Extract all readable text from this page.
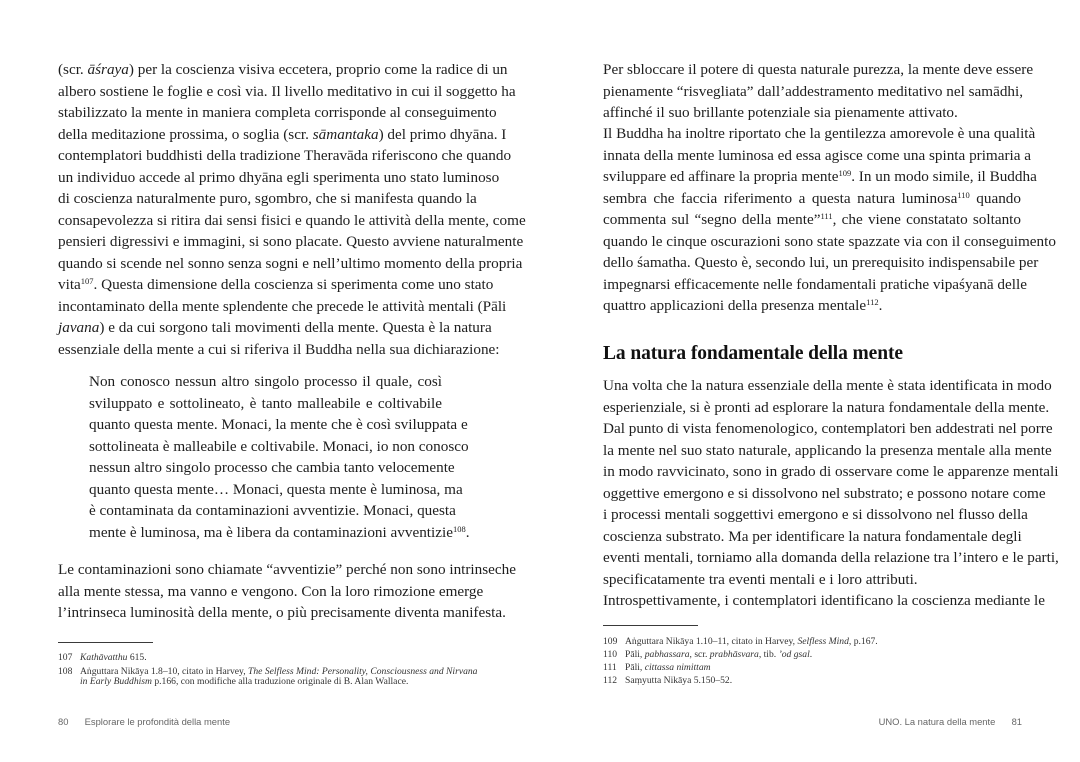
(scr. āśraya) per la coscienza visiva eccetera, proprio come la radice di un
albero sostiene le foglie e così via. Il livello meditativo in cui il soggetto ha
stabilizzato la mente in maniera completa corrisponde al conseguimento
della meditazione prossima, o soglia (scr. sāmantaka) del primo dhyāna. I
contemplatori buddhisti della tradizione Theravāda riferiscono che quando
un individuo accede al primo dhyāna egli sperimenta uno stato luminoso
di coscienza naturalmente puro, sgombro, che si manifesta quando la
consapevolezza si ritira dai sensi fisici e quando le attività della mente, come
pensieri digressivi e immagini, si sono placate. Questo avviene naturalmente
quando si scende nel sonno senza sogni e nell’ultimo momento della propria
vita$^{107}$. Questa dimensione della coscienza si sperimenta come uno stato
incontaminato della mente splendente che precede le attività mentali (Pāli
javana) e da cui sorgono tali movimenti della mente. Questa è la natura
essenziale della mente a cui si riferiva il Buddha nella sua dichiarazione:
Non conosco nessun altro singolo processo il quale, così
sviluppato e sottolineato, è tanto malleabile e coltivabile
quanto questa mente. Monaci, la mente che è così sviluppata e
sottolineata è malleabile e coltivabile. Monaci, io non conosco
nessun altro singolo processo che cambia tanto velocemente
quanto questa mente… Monaci, questa mente è luminosa, ma
è contaminata da contaminazioni avventizie. Monaci, questa
mente è luminosa, ma è libera da contaminazioni avventizie$^{108}$.
Le contaminazioni sono chiamate “avventizie” perché non sono intrinseche
alla mente stessa, ma vanno e vengono. Con la loro rimozione emerge
l’intrinseca luminosità della mente, o più precisamente diventa manifesta.
107 Kathāvatthu 615.
108 Aṅguttara Nikāya 1.8–10, citato in Harvey, The Selfless Mind: Personality, Consciousness and Nirvana
in Early Buddhism p.166, con modifiche alla traduzione originale di B. Alan Wallace.
80 Esplorare le profondità della mente
Per sbloccare il potere di questa naturale purezza, la mente deve essere
pienamente “risvegliata” dall’addestramento meditativo nel samādhi,
affinché il suo brillante potenziale sia pienamente attivato.
Il Buddha ha inoltre riportato che la gentilezza amorevole è una qualità
innata della mente luminosa ed essa agisce come una spinta primaria a
sviluppare ed affinare la propria mente$^{109}$. In un modo simile, il Buddha
sembra che faccia riferimento a questa natura luminosa$^{110}$ quando
commenta sul “segno della mente”$^{111}$, che viene constatato soltanto
quando le cinque oscurazioni sono state spazzate via con il conseguimento
dello śamatha. Questo è, secondo lui, un prerequisito indispensabile per
impegnarsi efficacemente nelle fondamentali pratiche vipaśyanā delle
quattro applicazioni della presenza mentale$^{112}$.
La natura fondamentale della mente
Una volta che la natura essenziale della mente è stata identificata in modo
esperienziale, si è pronti ad esplorare la natura fondamentale della mente.
Dal punto di vista fenomenologico, contemplatori ben addestrati nel porre
la mente nel suo stato naturale, applicando la presenza mentale alla mente
in modo ravvicinato, sono in grado di osservare come le apparenze mentali
oggettive emergono e si dissolvono nel substrato; e possono notare come
i processi mentali soggettivi emergono e si dissolvono nel flusso della
coscienza substrato. Ma per identificare la natura fondamentale degli
eventi mentali, torniamo alla domanda della relazione tra l’intero e le parti,
specificatamente tra eventi mentali e i loro attributi.
Introspettivamente, i contemplatori identificano la coscienza mediante le
109 Aṅguttara Nikāya 1.10–11, citato in Harvey, Selfless Mind, p.167.
110 Pāli, pabhassara, scr. prabhāsvara, tib. ’od gsal.
111 Pāli, cittassa nimittam
112 Saṃyutta Nikāya 5.150–52.
UNO. La natura della mente 81
